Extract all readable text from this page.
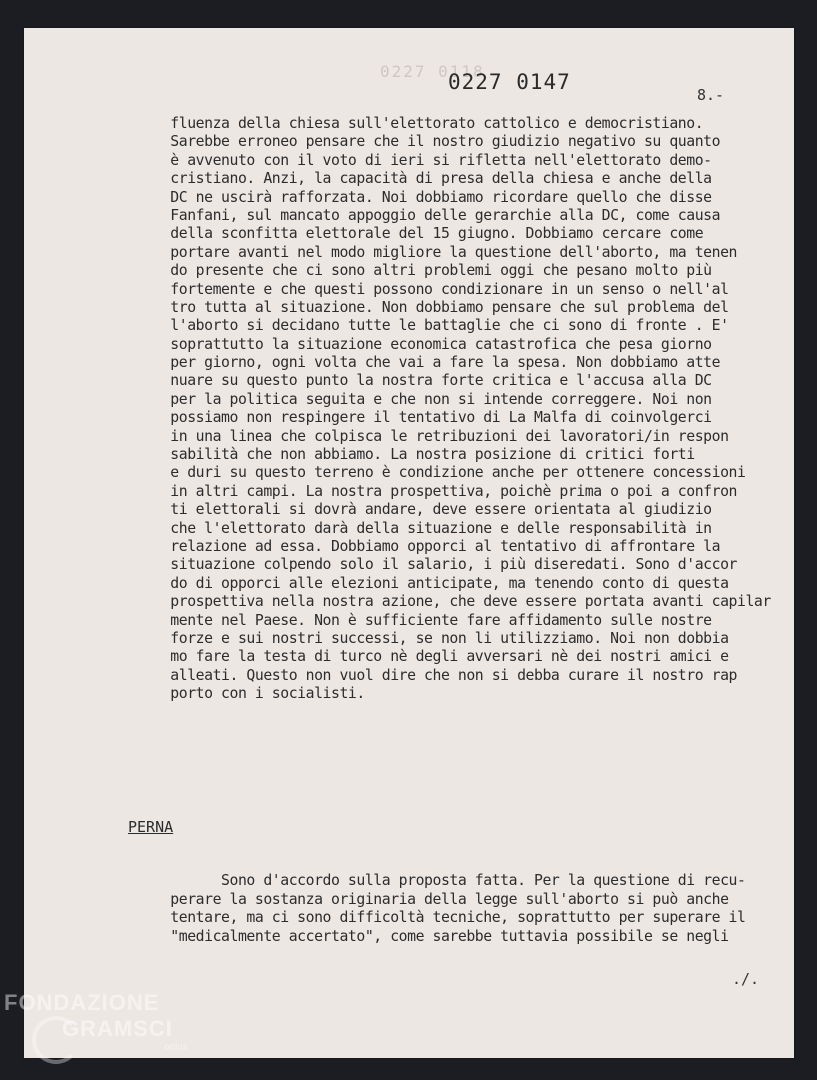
0227 0118
0227 0147
8.-
fluenza della chiesa sull'elettorato cattolico e democristiano.
Sarebbe erroneo pensare che il nostro giudizio negativo su quanto
è avvenuto con il voto di ieri si rifletta nell'elettorato demo-
cristiano. Anzi, la capacità di presa della chiesa e anche della
DC ne uscirà rafforzata. Noi dobbiamo ricordare quello che disse
Fanfani, sul mancato appoggio delle gerarchie alla DC, come causa
della sconfitta elettorale del 15 giugno. Dobbiamo cercare come
portare avanti nel modo migliore la questione dell'aborto, ma tenen
do presente che ci sono altri problemi oggi che pesano molto più
fortemente e che questi possono condizionare in un senso o nell'al
tro tutta al situazione. Non dobbiamo pensare che sul problema del
l'aborto si decidano tutte le battaglie che ci sono di fronte . E'
soprattutto la situazione economica catastrofica che pesa giorno
per giorno, ogni volta che vai a fare la spesa. Non dobbiamo atte
nuare su questo punto la nostra forte critica e l'accusa alla DC
per la politica seguita e che non si intende correggere. Noi non
possiamo non respingere il tentativo di La Malfa di coinvolgerci
in una linea che colpisca le retribuzioni dei lavoratori/in respon
sabilità che non abbiamo. La nostra posizione di critici forti
e duri su questo terreno è condizione anche per ottenere concessioni
in altri campi. La nostra prospettiva, poichè prima o poi a confron
ti elettorali si dovrà andare, deve essere orientata al giudizio
che l'elettorato darà della situazione e delle responsabilità in
relazione ad essa. Dobbiamo opporci al tentativo di affrontare la
situazione colpendo solo il salario, i più diseredati. Sono d'accor
do di opporci alle elezioni anticipate, ma tenendo conto di questa
prospettiva nella nostra azione, che deve essere portata avanti capilar
mente nel Paese. Non è sufficiente fare affidamento sulle nostre
forze e sui nostri successi, se non li utilizziamo. Noi non dobbia
mo fare la testa di turco nè degli avversari nè dei nostri amici e
alleati. Questo non vuol dire che non si debba curare il nostro rap
porto con i socialisti.
PERNA
Sono d'accordo sulla proposta fatta. Per la questione di recu-
perare la sostanza originaria della legge sull'aborto si può anche
tentare, ma ci sono difficoltà tecniche, soprattutto per superare il
"medicalmente accertato", come sarebbe tuttavia possibile se negli
./.
FONDAZIONE
GRAMSCI
onlus
